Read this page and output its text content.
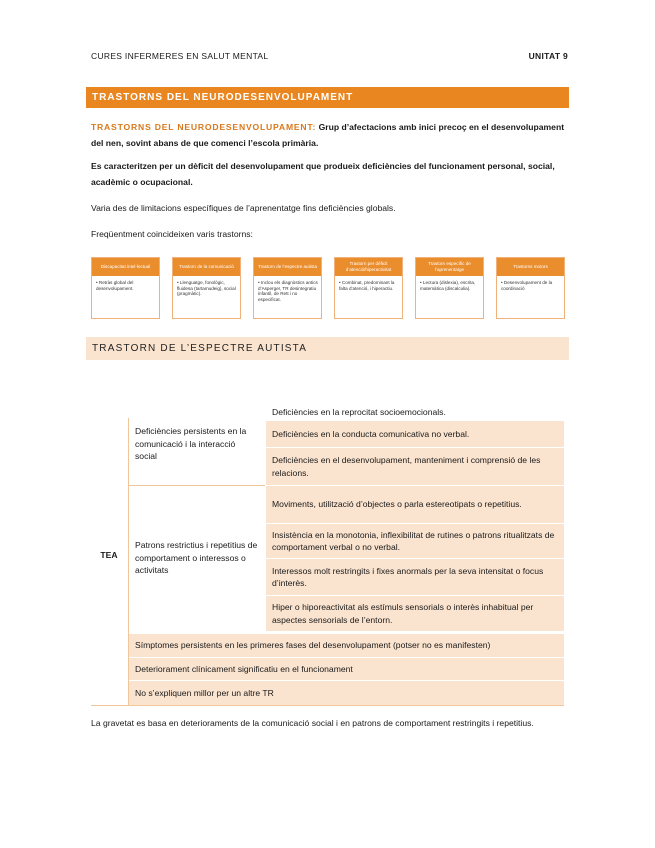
CURES INFERMERES EN SALUT MENTAL	UNITAT 9
TRASTORNS DEL NEURODESENVOLUPAMENT
TRASTORNS DEL NEURODESENVOLUPAMENT: Grup d’afectacions amb inici precoç en el desenvolupament del nen, sovint abans de que comenci l’escola primària.
Es caracteritzen per un dèficit del desenvolupament que produeix deficiències del funcionament personal, social, acadèmic o ocupacional.
Varia des de limitacions específiques de l’aprenentatge fins deficiències globals.
Freqüentment coincideixen varis trastorns:
Discapacitat intel·lectual
• Retràs global del desenvolupament.
Trastorn de la comunicació
• Llenguatge, fonològic, fluidesa (tartamudeig), social (pragmàtic).
Trastorn de l’espectre autista
• Inclou els diagnòstics antics d’Asperger, TR desintegratiu infantil, de Rett i no especificat.
Trastorn per dèficit d’atenció/hiperactivitat
• Combinat, predominant la falta d’atenció, i hiperactiu.
Trastorn específic de l’aprenentatge
• Lectura (dislexia), escrita, matemàtica (discalculia).
Trastorns motors
• Desenvolupament de la coordinació
TRASTORN DE L’ESPECTRE AUTISTA
TEA
Deficiències persistents en la comunicació i la interacció social
Deficiències en la reprocitat socioemocionals.
Deficiències en la conducta comunicativa no verbal.
Deficiències en el desenvolupament, manteniment i comprensió de les relacions.
Patrons restrictius i repetitius de comportament o interessos o activitats
Moviments, utilització d’objectes o parla estereotipats o repetitius.
Insistència en la monotonia, inflexibilitat de rutines o patrons ritualitzats de comportament verbal o no verbal.
Interessos molt restringits i fixes anormals per la seva intensitat o focus d’interès.
Hiper o hiporeactivitat als estímuls sensorials o interès inhabitual per aspectes sensorials de l’entorn.
Símptomes persistents en les primeres fases del desenvolupament (potser no es manifesten)
Deteriorament clínicament significatiu en el funcionament
No s’expliquen millor per un altre TR
La gravetat es basa en deterioraments de la comunicació social i en patrons de comportament restringits i repetitius.
